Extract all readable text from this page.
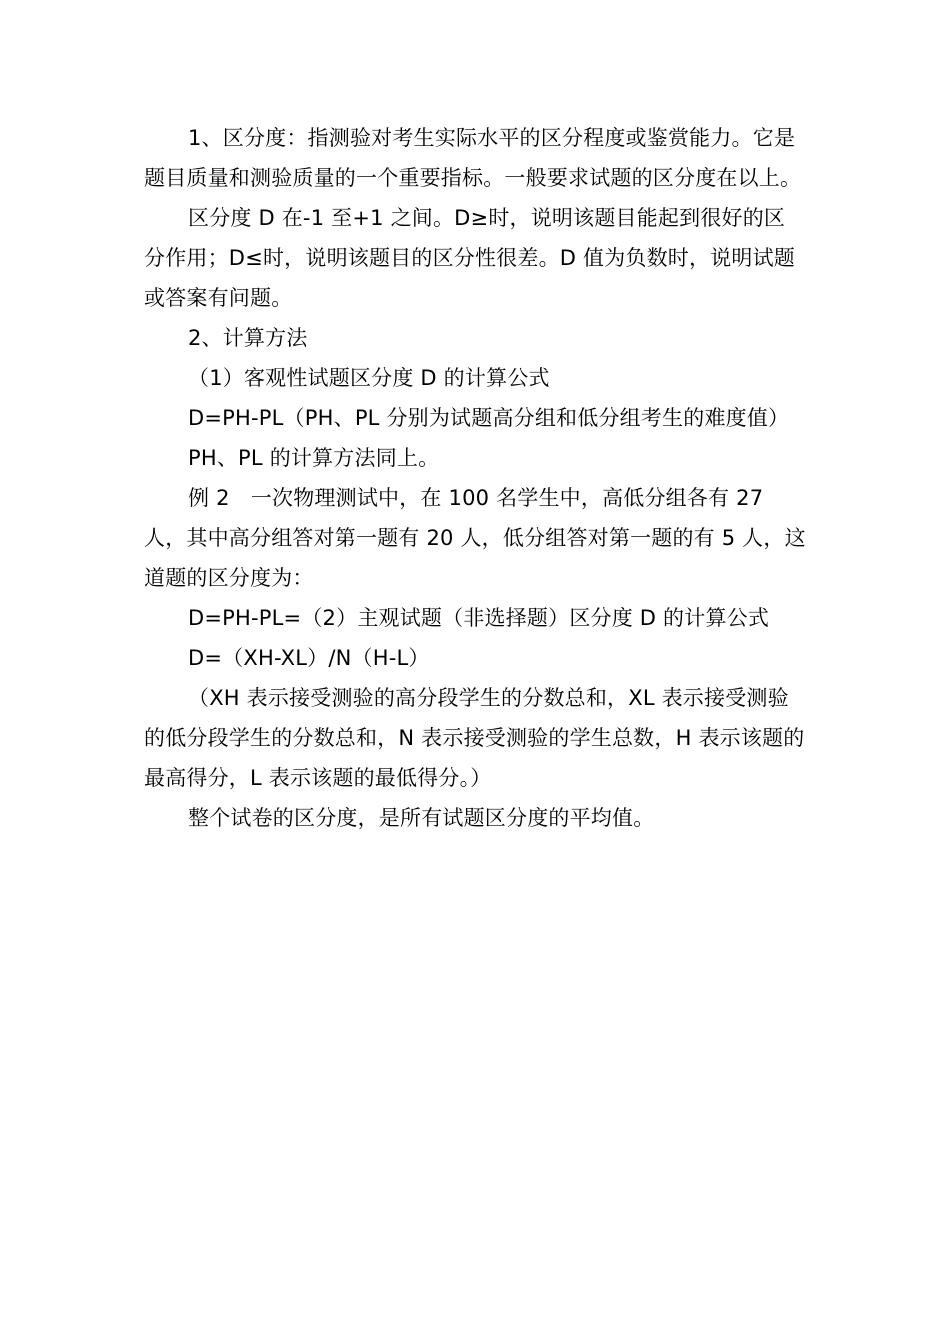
1、区分度：指测验对考生实际水平的区分程度或鉴赏能力。它是题目质量和测验质量的一个重要指标。一般要求试题的区分度在以上。

区分度 D 在-1 至+1 之间。D≥时，说明该题目能起到很好的区分作用；D≤时，说明该题目的区分性很差。D 值为负数时，说明试题或答案有问题。

2、计算方法

（1）客观性试题区分度 D 的计算公式

D=PH-PL（PH、PL 分别为试题高分组和低分组考生的难度值）

PH、PL 的计算方法同上。

例 2　一次物理测试中，在 100 名学生中，高低分组各有 27 人，其中高分组答对第一题有 20 人，低分组答对第一题的有 5 人，这道题的区分度为：

D=PH-PL=（2）主观试题（非选择题）区分度 D 的计算公式

D=（XH-XL）/N（H-L）

（XH 表示接受测验的高分段学生的分数总和，XL 表示接受测验的低分段学生的分数总和，N 表示接受测验的学生总数，H 表示该题的最高得分，L 表示该题的最低得分。）

整个试卷的区分度，是所有试题区分度的平均值。
